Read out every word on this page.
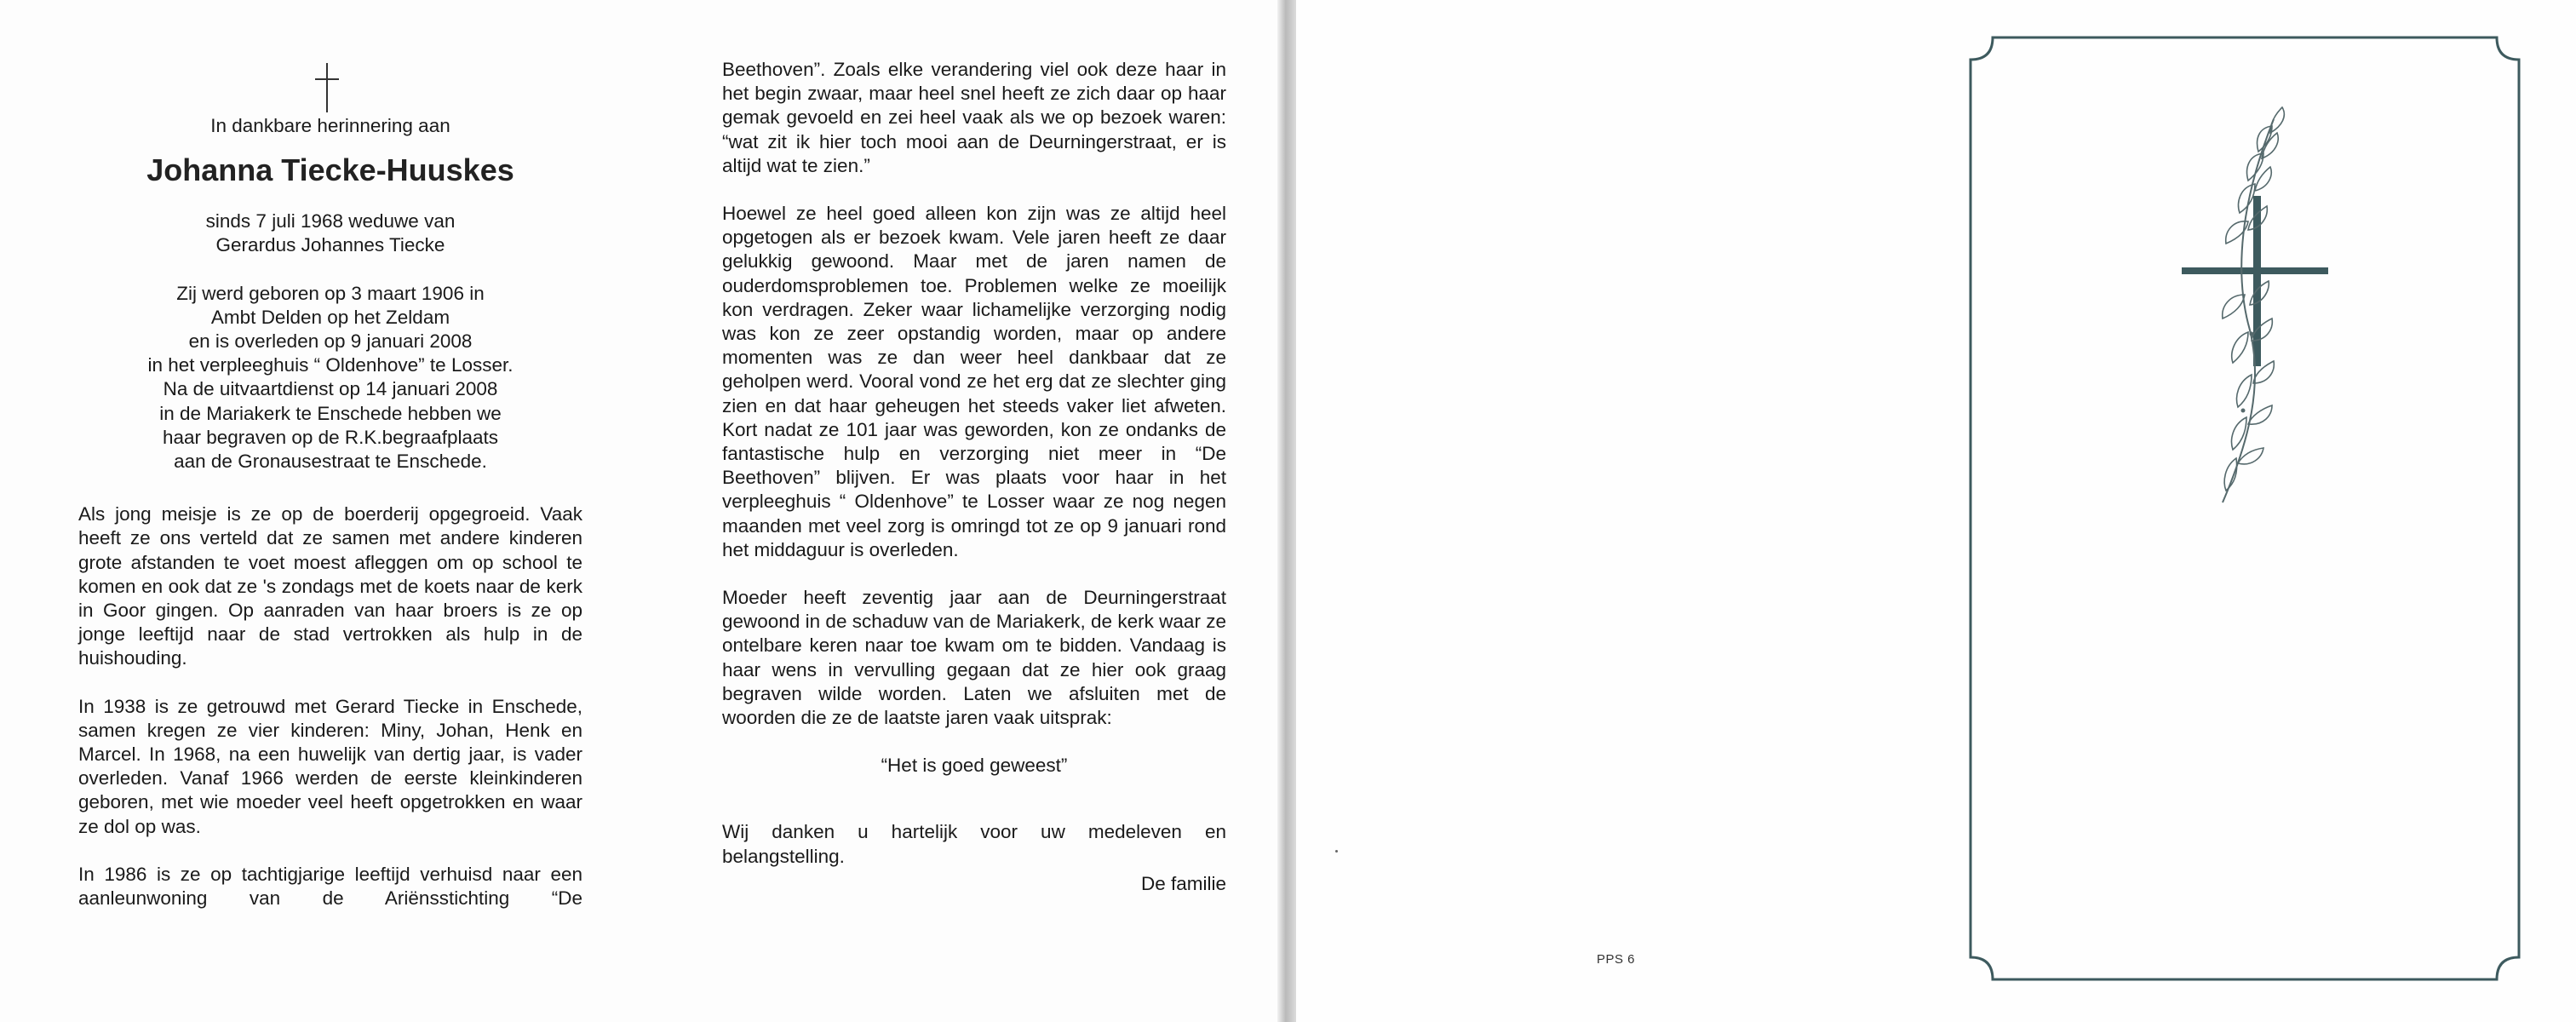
In dankbare herinnering aan

Johanna Tiecke-Huuskes
sinds 7 juli 1968 weduwe van
Gerardus Johannes Tiecke
Zij werd geboren op 3 maart 1906 in
Ambt Delden op het Zeldam
en is overleden op 9 januari 2008
in het verpleeghuis “ Oldenhove” te Losser.
Na de uitvaartdienst op 14 januari 2008
in de Mariakerk te Enschede hebben we
haar begraven op de R.K.begraafplaats
aan de Gronausestraat te Enschede.

Als jong meisje is ze op de boerderij opgegroeid. Vaak heeft ze ons verteld dat ze samen met andere kinderen grote afstanden te voet moest afleggen om op school te komen en ook dat ze 's zondags met de koets naar de kerk in Goor gingen. Op aanraden van haar broers is ze op jonge leeftijd naar de stad vertrokken als hulp in de huishouding.

In 1938 is ze getrouwd met Gerard Tiecke in Enschede, samen kregen ze vier kinderen: Miny, Johan, Henk en Marcel. In 1968, na een huwelijk van dertig jaar, is vader overleden. Vanaf 1966 werden de eerste kleinkinderen geboren, met wie moeder veel heeft opgetrokken en waar ze dol op was.

In 1986 is ze op tachtigjarige leeftijd verhuisd naar een aanleunwoning van de Ariënsstichting “De

Beethoven”. Zoals elke verandering viel ook deze haar in het begin zwaar, maar heel snel heeft ze zich daar op haar gemak gevoeld en zei heel vaak als we op bezoek waren: “wat zit ik hier toch mooi aan de Deurningerstraat, er is altijd wat te zien.”

Hoewel ze heel goed alleen kon zijn was ze altijd heel opgetogen als er bezoek kwam. Vele jaren heeft ze daar gelukkig gewoond. Maar met de jaren namen de ouderdomsproblemen toe. Problemen welke ze moeilijk kon verdragen. Zeker waar lichamelijke verzorging nodig was kon ze zeer opstandig worden, maar op andere momenten was ze dan weer heel dankbaar dat ze geholpen werd. Vooral vond ze het erg dat ze slechter ging zien en dat haar geheugen het steeds vaker liet afweten. Kort nadat ze 101 jaar was geworden, kon ze ondanks de fantastische hulp en verzorging niet meer in “De Beethoven” blijven. Er was plaats voor haar in het verpleeghuis “ Oldenhove” te Losser waar ze nog negen maanden met veel zorg is omringd tot ze op 9 januari rond het middaguur is overleden.

Moeder heeft zeventig jaar aan de Deurningerstraat gewoond in de schaduw van de Mariakerk, de kerk waar ze ontelbare keren naar toe kwam om te bidden. Vandaag is haar wens in vervulling gegaan dat ze hier ook graag begraven wilde worden. Laten we afsluiten met de woorden die ze de laatste jaren vaak uitsprak:

“Het is goed geweest”

Wij danken u hartelijk voor uw medeleven en belangstelling.

De familie

PPS 6
